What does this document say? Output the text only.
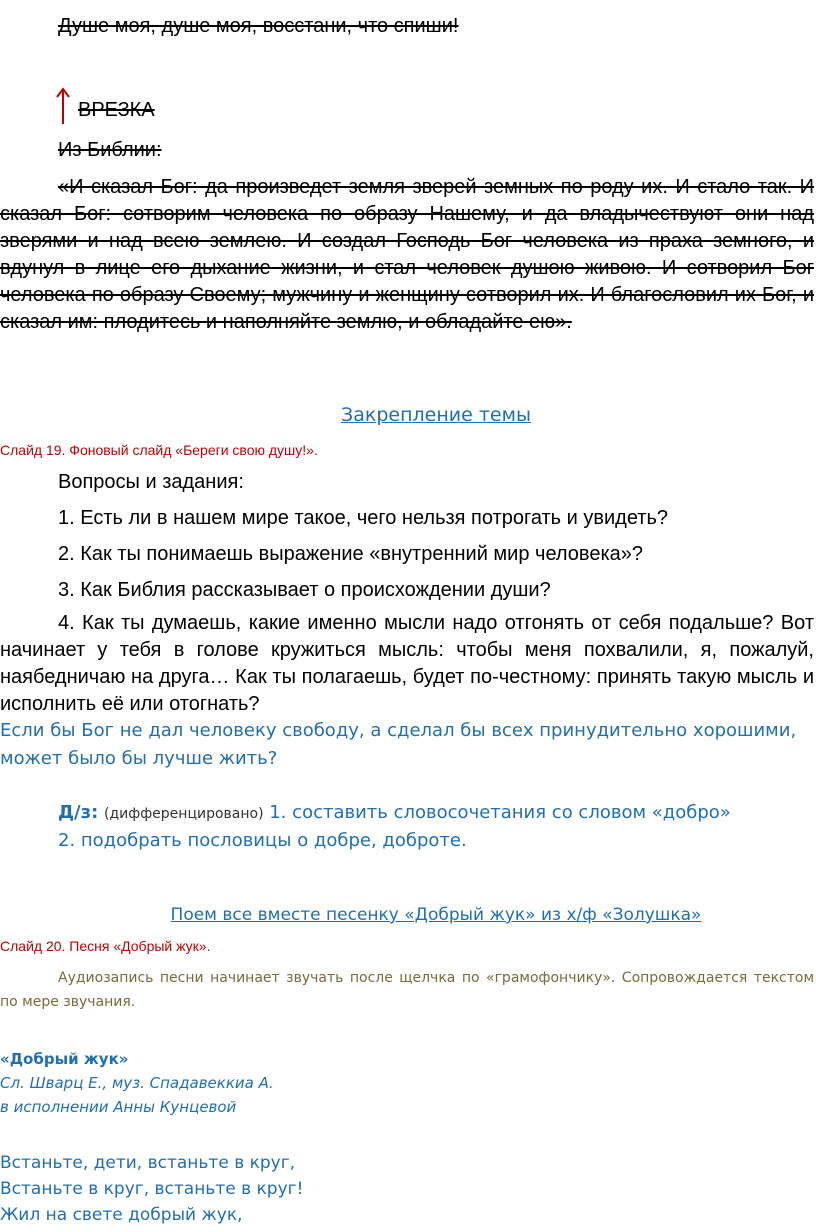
Душе моя, душе моя, восстани, что спиши!
ВРЕЗКА
Из Библии:
«И сказал Бог: да произведет земля зверей земных по роду их. И стало так. И сказал Бог: сотворим человека по образу Нашему, и да владычествуют они над зверями и над всею землею. И создал Господь Бог человека из праха земного, и вдунул в лице его дыхание жизни, и стал человек душою живою. И сотворил Бог человека по образу Своему; мужчину и женщину сотворил их. И благословил их Бог, и сказал им: плодитесь и наполняйте землю, и обладайте ею».
Закрепление темы
Слайд 19. Фоновый слайд «Береги свою душу!».
Вопросы и задания:
1. Есть ли в нашем мире такое, чего нельзя потрогать и увидеть?
2. Как ты понимаешь выражение «внутренний мир человека»?
3. Как Библия рассказывает о происхождении души?
4. Как ты думаешь, какие именно мысли надо отгонять от себя подальше? Вот начинает у тебя в голове кружиться мысль: чтобы меня похвалили, я, пожалуй, наябедничаю на друга… Как ты полагаешь, будет по-честному: принять такую мысль и исполнить её или отогнать?
Если бы Бог не дал человеку свободу, а сделал бы всех принудительно хорошими, может было бы лучше жить?
Д/з: (дифференцировано) 1. составить словосочетания со словом «добро»
2. подобрать пословицы о добре, доброте.
Поем все вместе песенку «Добрый жук» из х/ф «Золушка»
Слайд 20. Песня «Добрый жук».
Аудиозапись песни начинает звучать после щелчка по «грамофончику». Сопровождается текстом по мере звучания.
«Добрый жук»
Сл. Шварц Е., муз. Спадавеккиа А.
в исполнении Анны Кунцевой
Встаньте, дети, встаньте в круг,
Встаньте в круг, встаньте в круг!
Жил на свете добрый жук,
